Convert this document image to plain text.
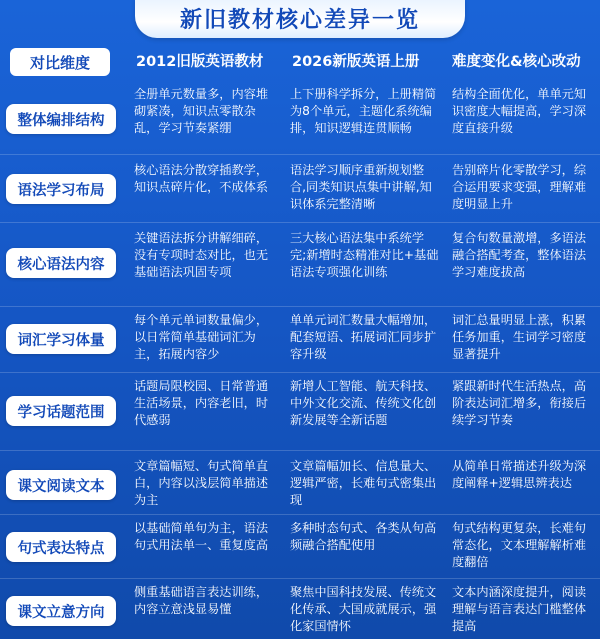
新旧教材核心差异一览
对比维度	2012旧版英语教材 2026新版英语上册 难度变化&核心改动
整体编排结构
全册单元数量多，内容堆砌紧凑，知识点零散杂乱，学习节奏紧绷
上下册科学拆分，上册精简为8个单元，主题化系统编排，知识逻辑连贯顺畅
结构全面优化，单单元知识密度大幅提高，学习深度直接升级
语法学习布局
核心语法分散穿插教学，知识点碎片化，不成体系
语法学习顺序重新规划整合,同类知识点集中讲解,知识体系完整清晰
告别碎片化零散学习，综合运用要求变强，理解难度明显上升
核心语法内容
关键语法拆分讲解细碎，没有专项时态对比，也无基础语法巩固专项
三大核心语法集中系统学完;新增时态精准对比+基础语法专项强化训练
复合句数量激增，多语法融合搭配考查，整体语法学习难度拔高
词汇学习体量
每个单元单词数量偏少，以日常简单基础词汇为主，拓展内容少
单单元词汇数量大幅增加，配套短语、拓展词汇同步扩容升级
词汇总量明显上涨，积累任务加重，生词学习密度显著提升
学习话题范围
话题局限校园、日常普通生活场景，内容老旧，时代感弱
新增人工智能、航天科技、中外文化交流、传统文化创新发展等全新话题
紧跟新时代生活热点，高阶表达词汇增多，衔接后续学习节奏
课文阅读文本
文章篇幅短、句式简单直白，内容以浅层简单描述为主
文章篇幅加长、信息量大、逻辑严密，长难句式密集出现
从简单日常描述升级为深度阐释+逻辑思辨表达
句式表达特点
以基础简单句为主，语法句式用法单一、重复度高
多种时态句式、各类从句高频融合搭配使用
句式结构更复杂，长难句常态化，文本理解解析难度翻倍
课文立意方向
侧重基础语言表达训练，内容立意浅显易懂
聚焦中国科技发展、传统文化传承、大国成就展示，强化家国情怀
文本内涵深度提升，阅读理解与语言表达门槛整体提高
